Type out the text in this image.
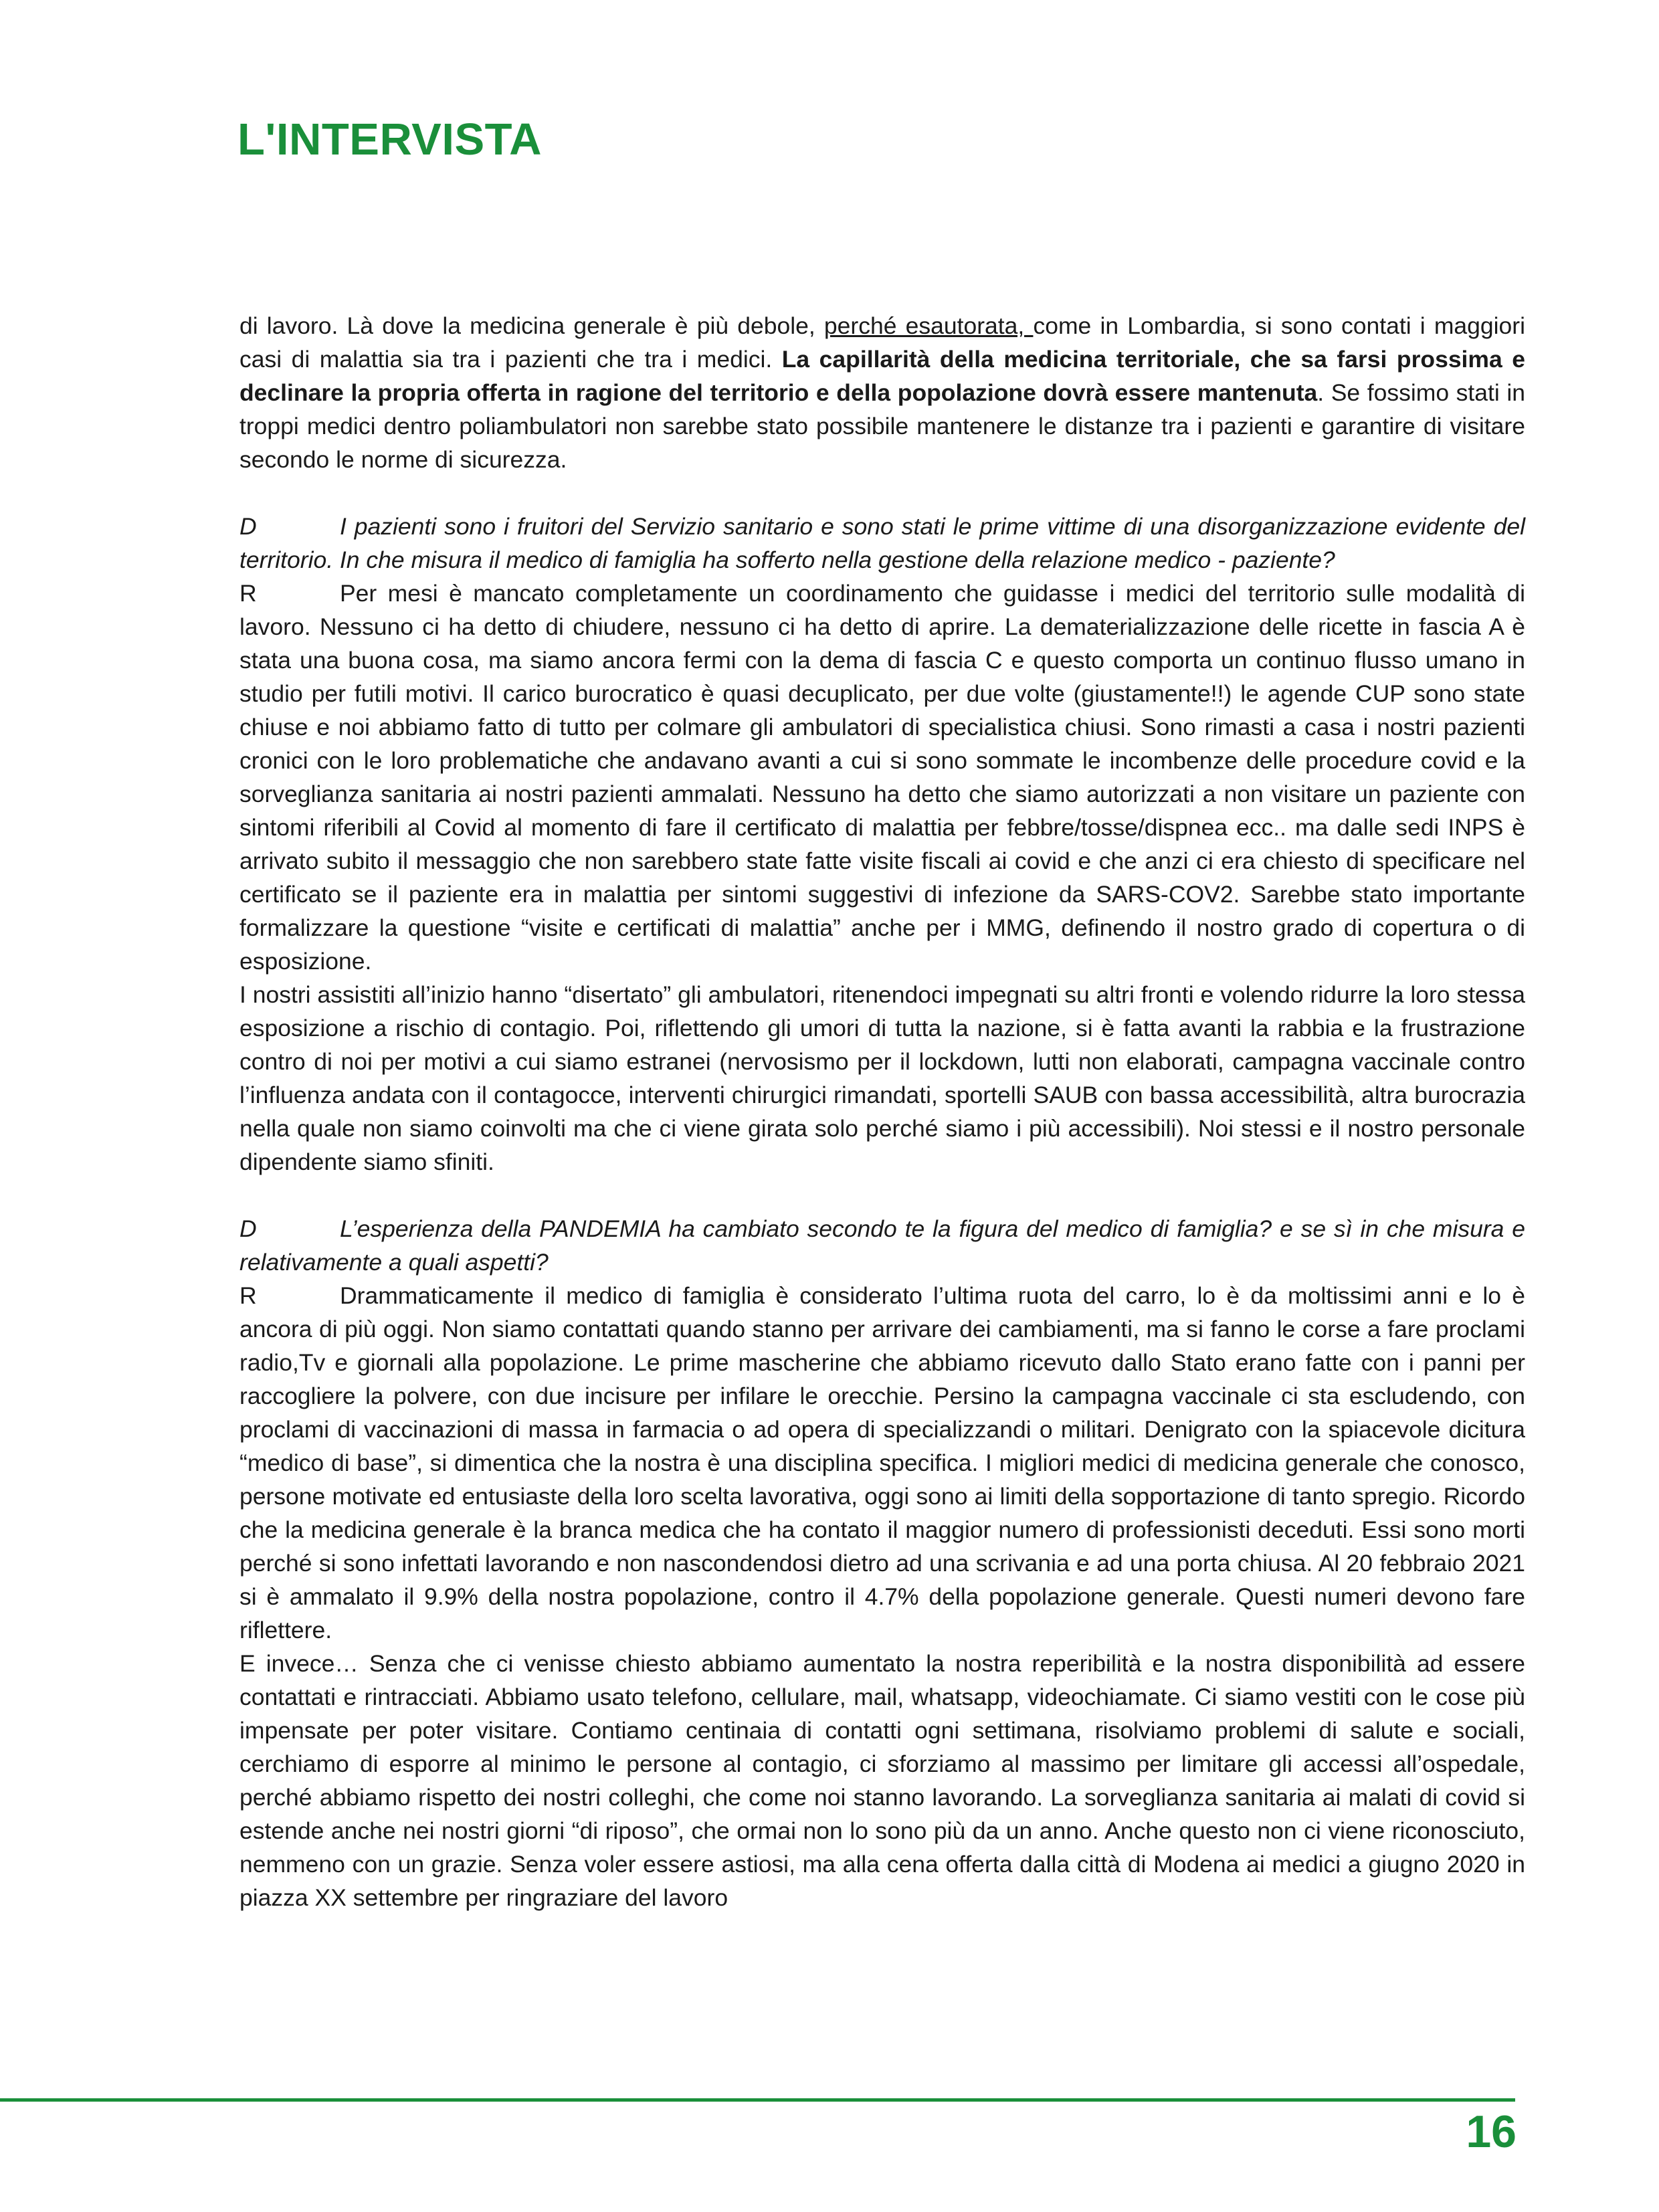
L'INTERVISTA

di lavoro. Là dove la medicina generale è più debole, perché esautorata, come in Lombardia, si sono contati i maggiori casi di malattia sia tra i pazienti che tra i medici. La capillarità della medicina territoriale, che sa farsi prossima e declinare la propria offerta in ragione del territorio e della popolazione dovrà essere mantenuta. Se fossimo stati in troppi medici dentro poliambulatori non sarebbe stato possibile mantenere le distanze tra i pazienti e garantire di visitare secondo le norme di sicurezza.

D	I pazienti sono i fruitori del Servizio sanitario e sono stati le prime vittime di una disorganizzazione evidente del territorio. In che misura il medico di famiglia ha sofferto nella gestione della relazione medico - paziente?

R	Per mesi è mancato completamente un coordinamento che guidasse i medici del territorio sulle modalità di lavoro. Nessuno ci ha detto di chiudere, nessuno ci ha detto di aprire. La dematerializzazione delle ricette in fascia A è stata una buona cosa, ma siamo ancora fermi con la dema di fascia C e questo comporta un continuo flusso umano in studio per futili motivi. Il carico burocratico è quasi decuplicato, per due volte (giustamente!!) le agende CUP sono state chiuse e noi abbiamo fatto di tutto per colmare gli ambulatori di specialistica chiusi. Sono rimasti a casa i nostri pazienti cronici con le loro problematiche che andavano avanti a cui si sono sommate le incombenze delle procedure covid e la sorveglianza sanitaria ai nostri pazienti ammalati. Nessuno ha detto che siamo autorizzati a non visitare un paziente con sintomi riferibili al Covid al momento di fare il certificato di malattia per febbre/tosse/dispnea ecc.. ma dalle sedi INPS è arrivato subito il messaggio che non sarebbero state fatte visite fiscali ai covid e che anzi ci era chiesto di specificare nel certificato se il paziente era in malattia per sintomi suggestivi di infezione da SARS-COV2. Sarebbe stato importante formalizzare la questione “visite e certificati di malattia” anche per i MMG, definendo il nostro grado di copertura o di esposizione.

I nostri assistiti all’inizio hanno “disertato” gli ambulatori, ritenendoci impegnati su altri fronti e volendo ridurre la loro stessa esposizione a rischio di contagio. Poi, riflettendo gli umori di tutta la nazione, si è fatta avanti la rabbia e la frustrazione contro di noi per motivi a cui siamo estranei (nervosismo per il lockdown, lutti non elaborati, campagna vaccinale contro l’influenza andata con il contagocce, interventi chirurgici rimandati, sportelli SAUB con bassa accessibilità, altra burocrazia nella quale non siamo coinvolti ma che ci viene girata solo perché siamo i più accessibili). Noi stessi e il nostro personale dipendente siamo sfiniti.

D	L’esperienza della PANDEMIA ha cambiato secondo te la figura del medico di famiglia? e se sì in che misura e relativamente a quali aspetti?

R	Drammaticamente il medico di famiglia è considerato l’ultima ruota del carro, lo è da moltissimi anni e lo è ancora di più oggi. Non siamo contattati quando stanno per arrivare dei cambiamenti, ma si fanno le corse a fare proclami radio,Tv e giornali alla popolazione. Le prime mascherine che abbiamo ricevuto dallo Stato erano fatte con i panni per raccogliere la polvere, con due incisure per infilare le orecchie. Persino la campagna vaccinale ci sta escludendo, con proclami di vaccinazioni di massa in farmacia o ad opera di specializzandi o militari. Denigrato con la spiacevole dicitura “medico di base”, si dimentica che la nostra è una disciplina specifica. I migliori medici di medicina generale che conosco, persone motivate ed entusiaste della loro scelta lavorativa, oggi sono ai limiti della sopportazione di tanto spregio. Ricordo che la medicina generale è la branca medica che ha contato il maggior numero di professionisti deceduti. Essi sono morti perché si sono infettati lavorando e non nascondendosi dietro ad una scrivania e ad una porta chiusa. Al 20 febbraio 2021 si è ammalato il 9.9% della nostra popolazione, contro il 4.7% della popolazione generale. Questi numeri devono fare riflettere.

E invece… Senza che ci venisse chiesto abbiamo aumentato la nostra reperibilità e la nostra disponibilità ad essere contattati e rintracciati. Abbiamo usato telefono, cellulare, mail, whatsapp, videochiamate. Ci siamo vestiti con le cose più impensate per poter visitare. Contiamo centinaia di contatti ogni settimana, risolviamo problemi di salute e sociali, cerchiamo di esporre al minimo le persone al contagio, ci sforziamo al massimo per limitare gli accessi all’ospedale, perché abbiamo rispetto dei nostri colleghi, che come noi stanno lavorando. La sorveglianza sanitaria ai malati di covid si estende anche nei nostri giorni “di riposo”, che ormai non lo sono più da un anno. Anche questo non ci viene riconosciuto, nemmeno con un grazie. Senza voler essere astiosi, ma alla cena offerta dalla città di Modena ai medici a giugno 2020 in piazza XX settembre per ringraziare del lavoro

16
